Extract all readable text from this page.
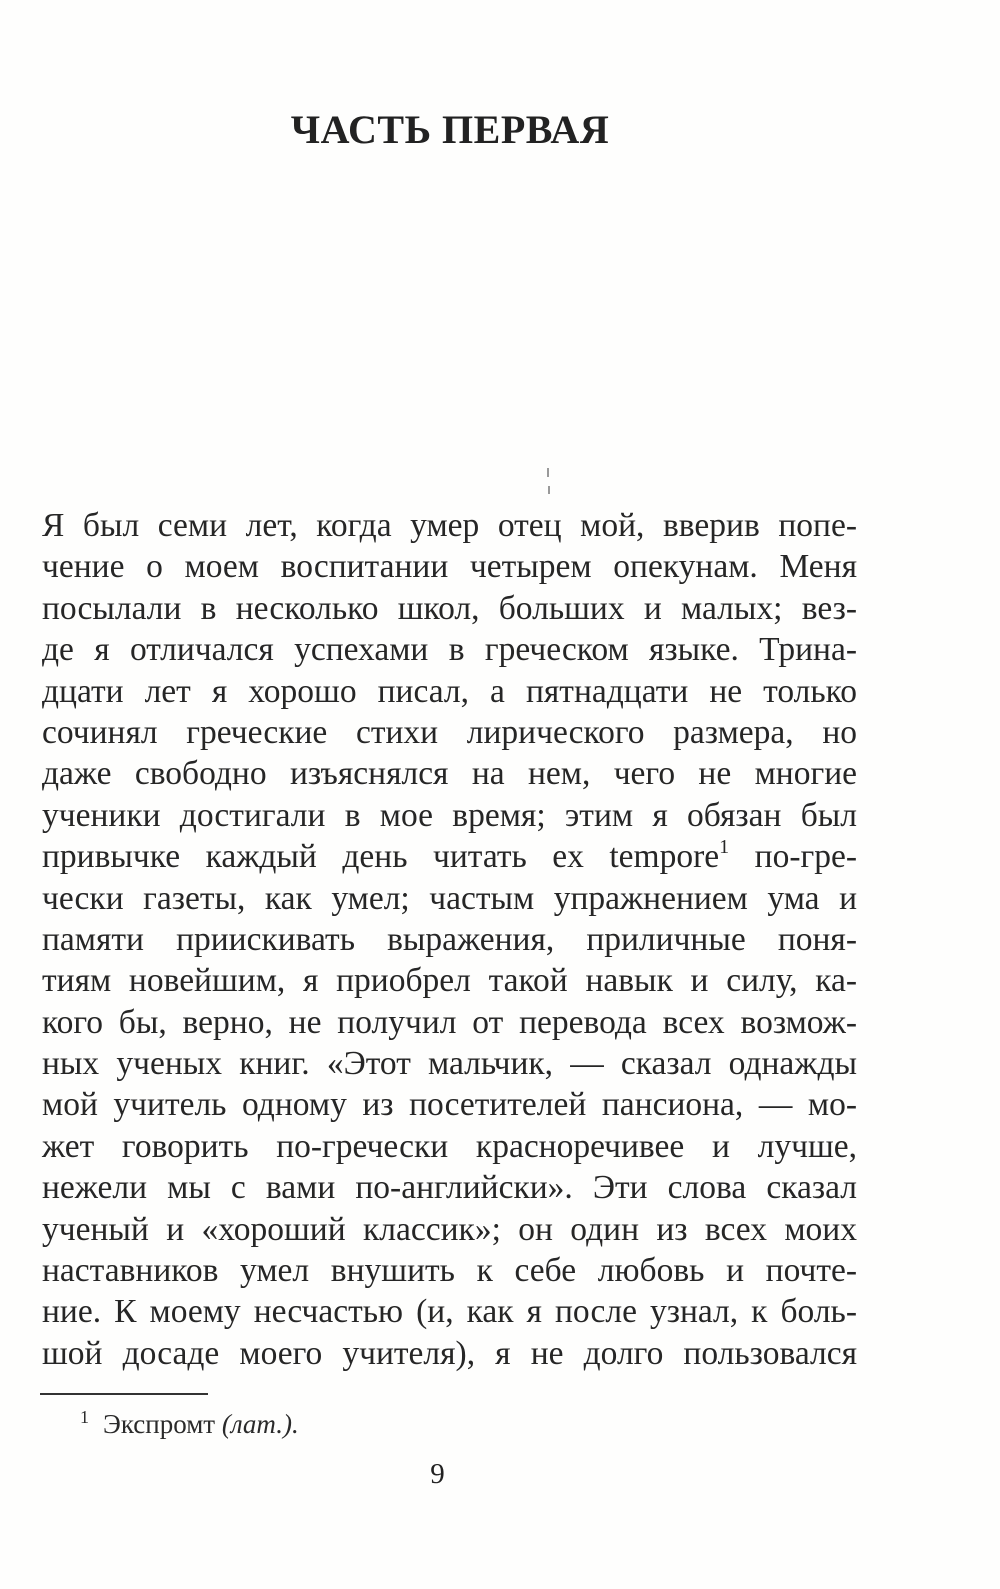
ЧАСТЬ ПЕРВАЯ
Я был семи лет, когда умер отец мой, вверив попе-
чение о моем воспитании четырем опекунам. Меня
посылали в несколько школ, больших и малых; вез-
де я отличался успехами в греческом языке. Трина-
дцати лет я хорошо писал, а пятнадцати не только
сочинял греческие стихи лирического размера, но
даже свободно изъяснялся на нем, чего не многие
ученики достигали в мое время; этим я обязан был
привычке каждый день читать ex tempore$^1$ по-гре-
чески газеты, как умел; частым упражнением ума и
памяти приискивать выражения, приличные поня-
тиям новейшим, я приобрел такой навык и силу, ка-
кого бы, верно, не получил от перевода всех возмож-
ных ученых книг. «Этот мальчик, — сказал однажды
мой учитель одному из посетителей пансиона, — мо-
жет говорить по-гречески красноречивее и лучше,
нежели мы с вами по-английски». Эти слова сказал
ученый и «хороший классик»; он один из всех моих
наставников умел внушить к себе любовь и почте-
ние. К моему несчастью (и, как я после узнал, к боль-
шой досаде моего учителя), я не долго пользовался
$^1$ Экспромт (лат.).
9
